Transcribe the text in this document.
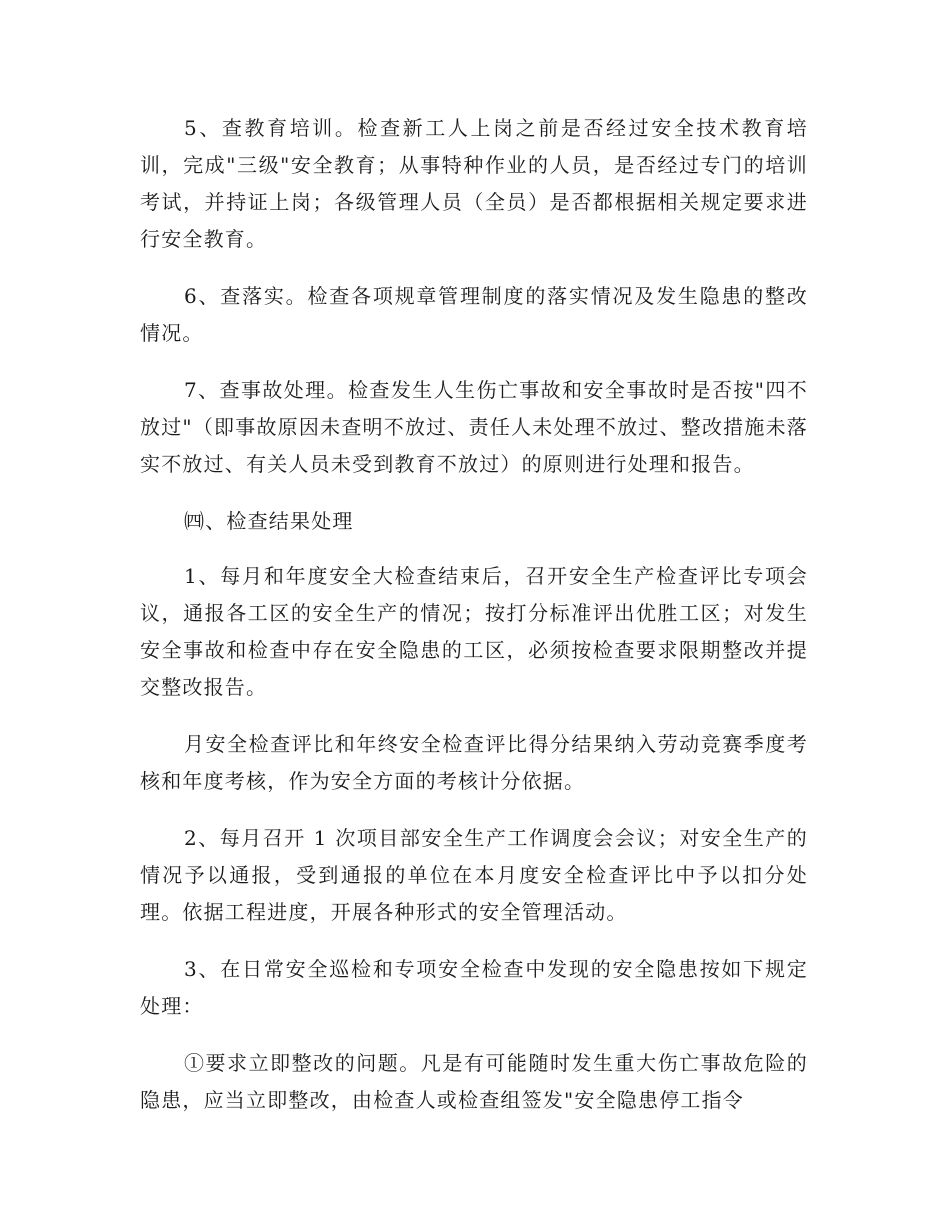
5、查教育培训。检查新工人上岗之前是否经过安全技术教育培训，完成"三级"安全教育；从事特种作业的人员，是否经过专门的培训考试，并持证上岗；各级管理人员（全员）是否都根据相关规定要求进行安全教育。

6、查落实。检查各项规章管理制度的落实情况及发生隐患的整改情况。

7、查事故处理。检查发生人生伤亡事故和安全事故时是否按"四不放过"（即事故原因未查明不放过、责任人未处理不放过、整改措施未落实不放过、有关人员未受到教育不放过）的原则进行处理和报告。

㈣、检查结果处理

1、每月和年度安全大检查结束后，召开安全生产检查评比专项会议，通报各工区的安全生产的情况；按打分标准评出优胜工区；对发生安全事故和检查中存在安全隐患的工区，必须按检查要求限期整改并提交整改报告。

月安全检查评比和年终安全检查评比得分结果纳入劳动竞赛季度考核和年度考核，作为安全方面的考核计分依据。

2、每月召开 1 次项目部安全生产工作调度会会议；对安全生产的情况予以通报，受到通报的单位在本月度安全检查评比中予以扣分处理。依据工程进度，开展各种形式的安全管理活动。

3、在日常安全巡检和专项安全检查中发现的安全隐患按如下规定处理：

①要求立即整改的问题。凡是有可能随时发生重大伤亡事故危险的隐患，应当立即整改，由检查人或检查组签发"安全隐患停工指令
